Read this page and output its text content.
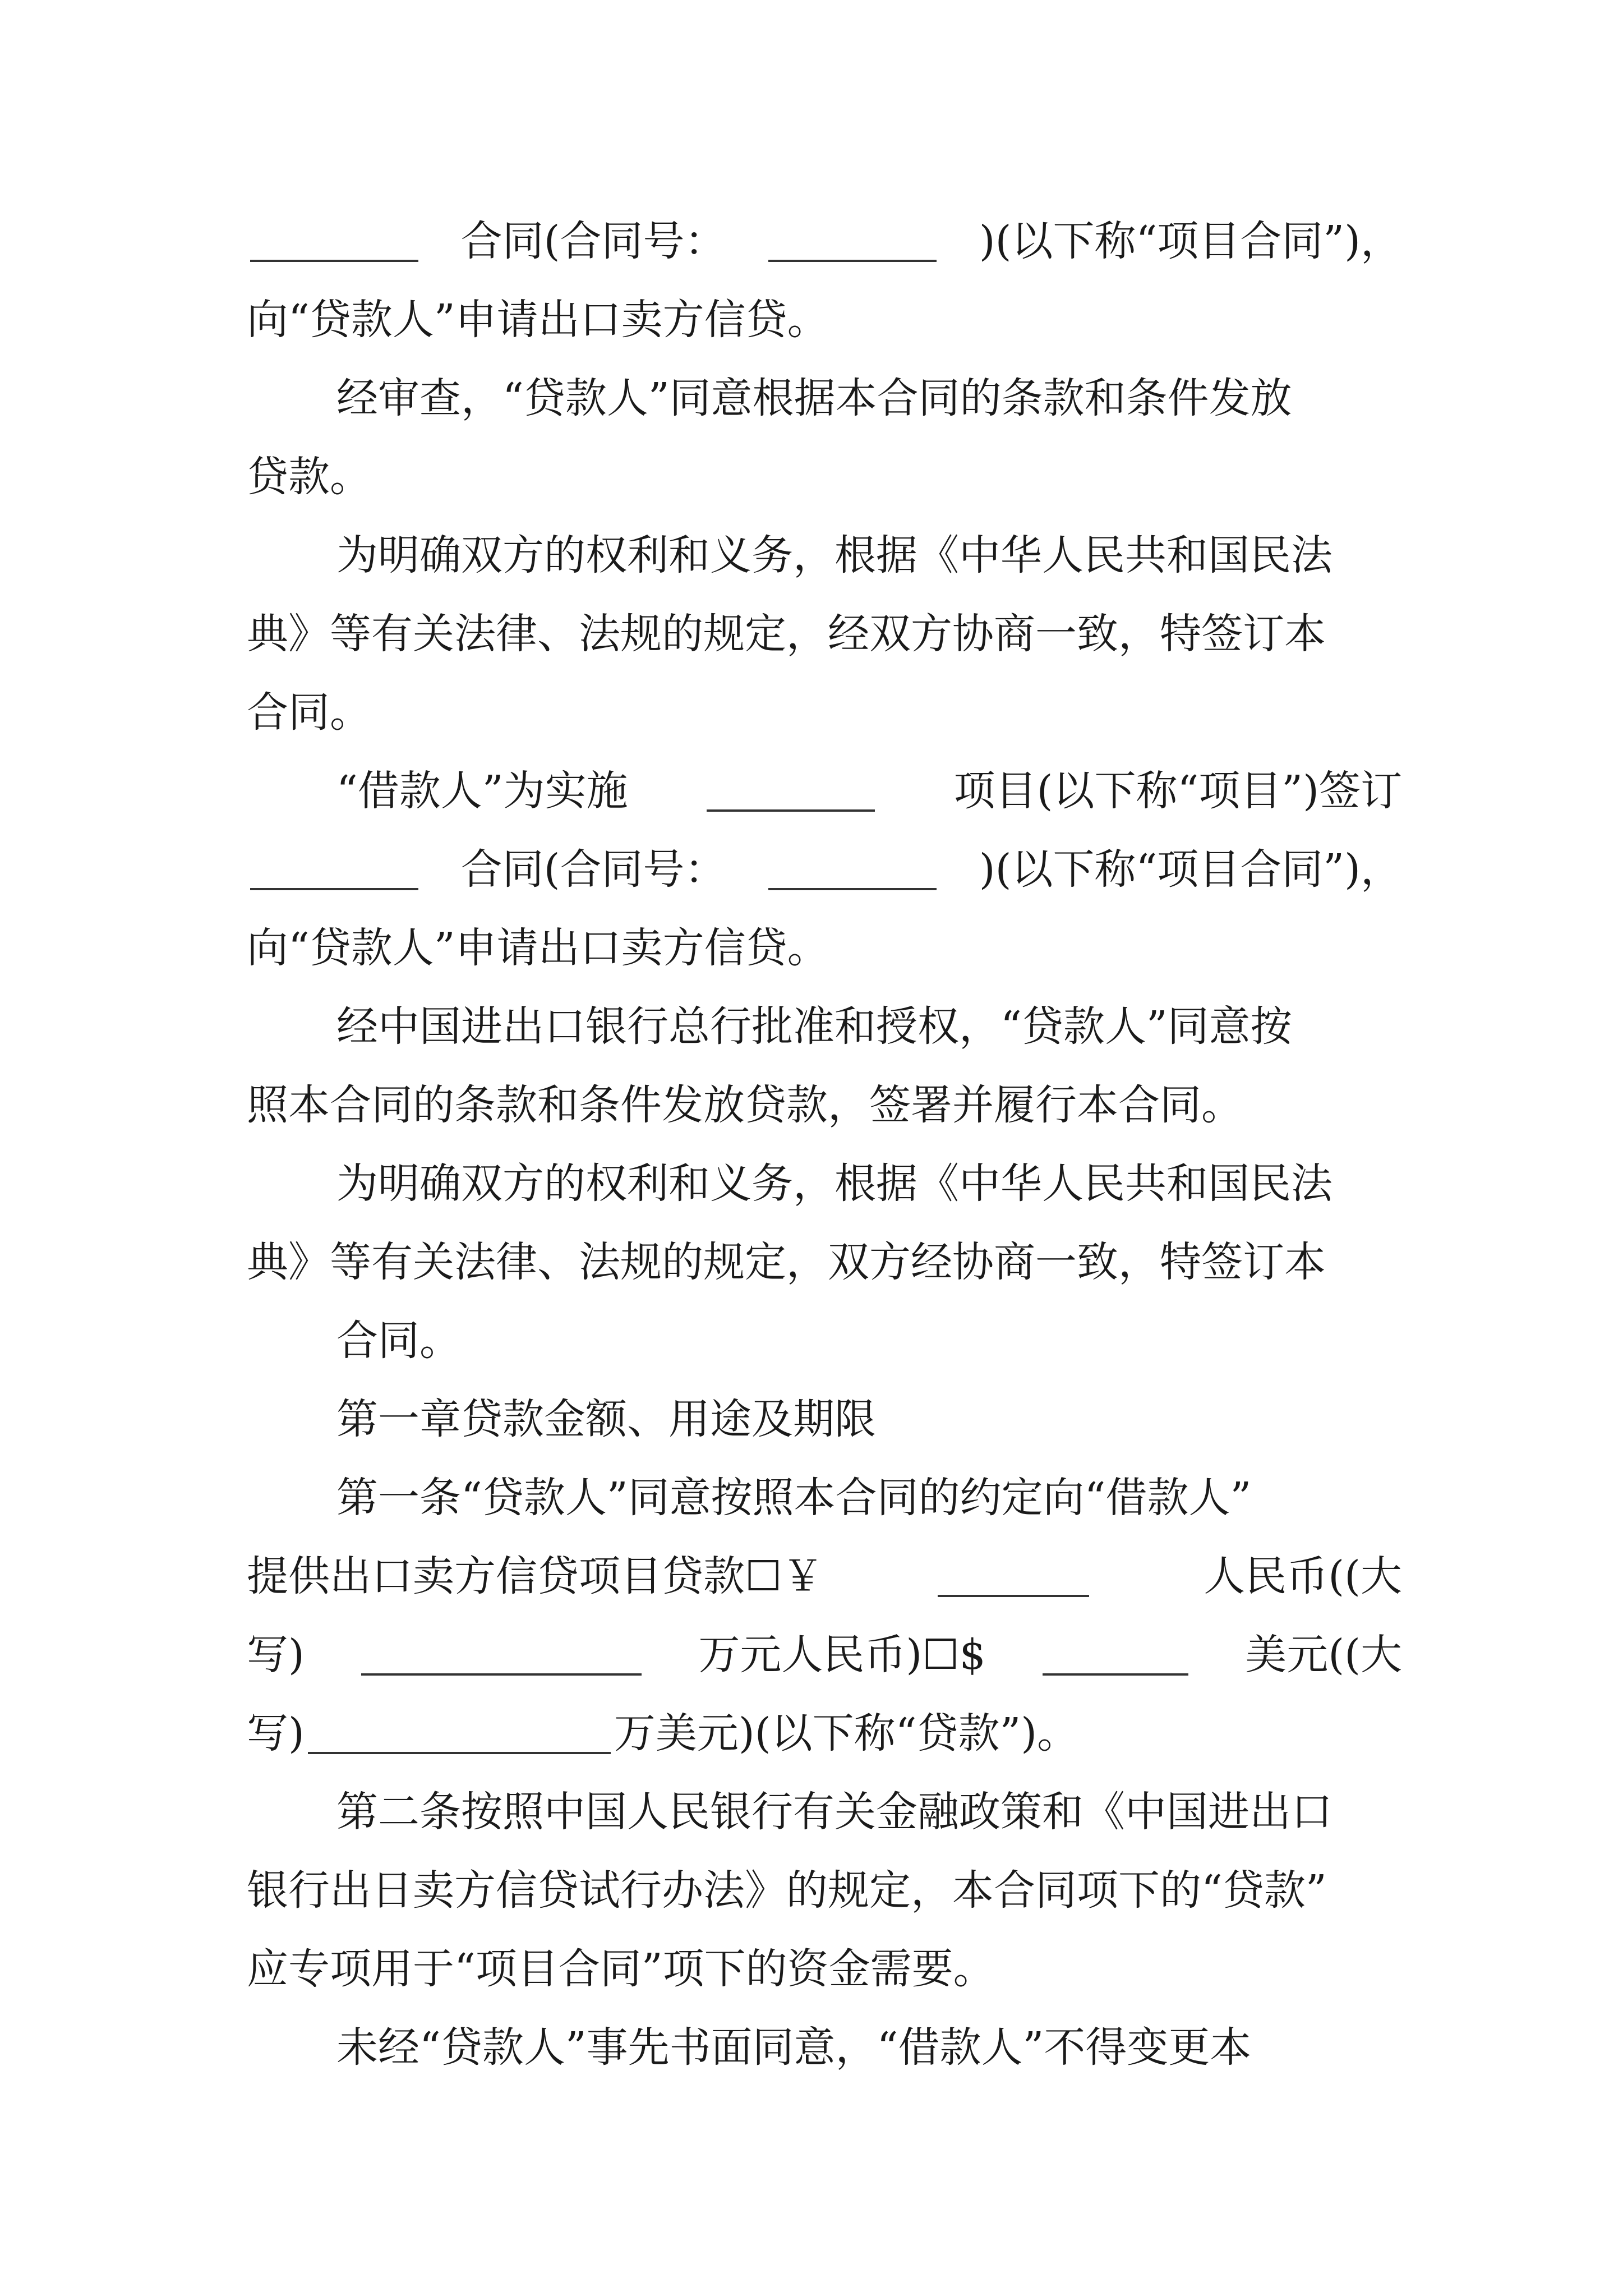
合同(合同号：	)(以下称“项目合同”)，
向“贷款人”申请出口卖方信贷。
经审查，“贷款人”同意根据本合同的条款和条件发放
贷款。
为明确双方的权利和义务，根据《中华人民共和国民法
典》等有关法律、法规的规定，经双方协商一致，特签订本
合同。
“借款人”为实施	项目(以下称“项目”)签订
合同(合同号：	)(以下称“项目合同”)，
向“贷款人”申请出口卖方信贷。
经中国进出口银行总行批准和授权，“贷款人”同意按
照本合同的条款和条件发放贷款，签署并履行本合同。
为明确双方的权利和义务，根据《中华人民共和国民法
典》等有关法律、法规的规定，双方经协商一致，特签订本
合同。
第一章贷款金额、用途及期限
第一条“贷款人”同意按照本合同的约定向“借款人”
提供出口卖方信贷项目贷款☐￥	人民币((大
写)	万元人民币)☐$	美元((大
写)	万美元)(以下称“贷款”)。
第二条按照中国人民银行有关金融政策和《中国进出口
银行出日卖方信贷试行办法》的规定，本合同项下的“贷款”
应专项用于“项目合同”项下的资金需要。
未经“贷款人”事先书面同意，“借款人”不得变更本
